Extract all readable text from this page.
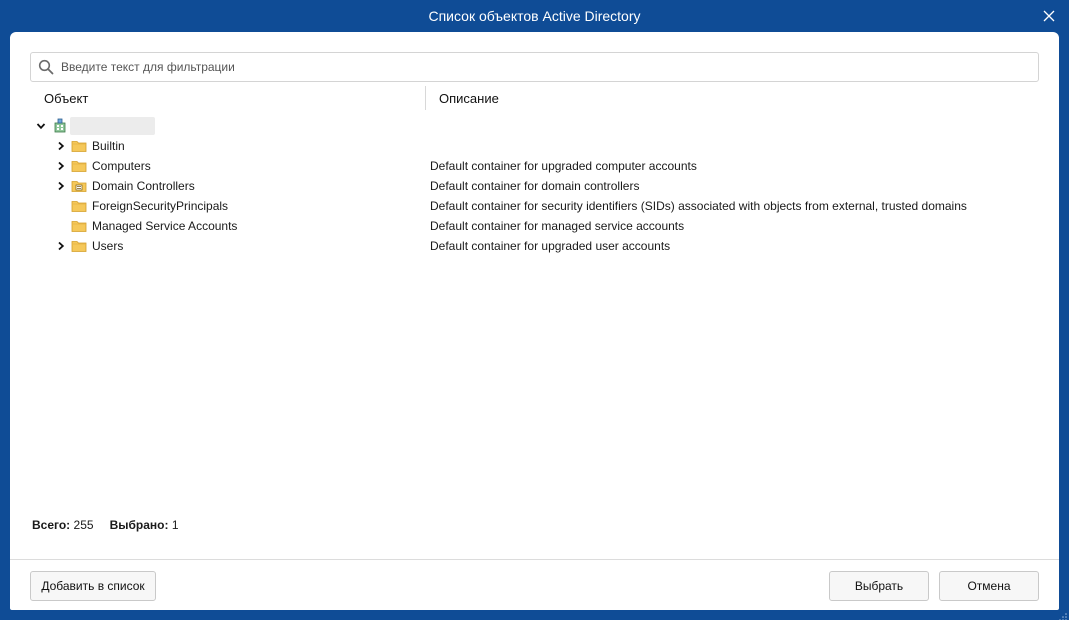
Список объектов Active Directory
Введите текст для фильтрации
Объект	Описание
Builtin
Computers	Default container for upgraded computer accounts
Domain Controllers	Default container for domain controllers
ForeignSecurityPrincipals	Default container for security identifiers (SIDs) associated with objects from external, trusted domains
Managed Service Accounts	Default container for managed service accounts
Users	Default container for upgraded user accounts
Всего: 255 Выбрано: 1
Добавить в список	Выбрать	Отмена
